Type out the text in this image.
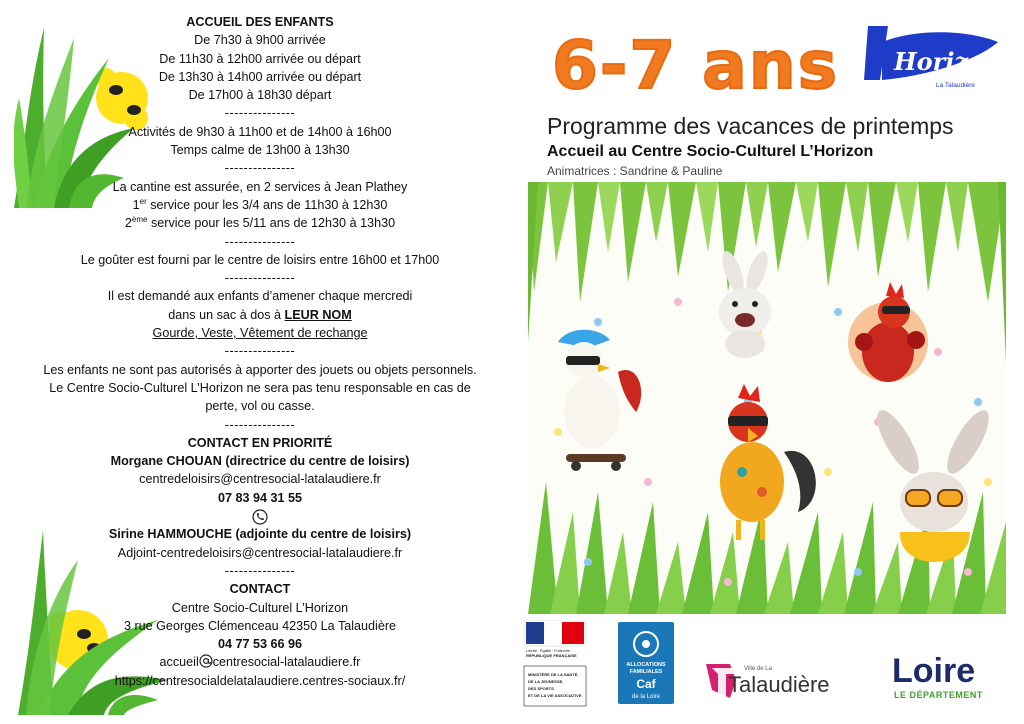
ACCUEIL DES ENFANTS
De 7h30 à 9h00 arrivée
De 11h30 à 12h00 arrivée ou départ
De 13h30 à 14h00 arrivée ou départ
De 17h00 à 18h30 départ
---------------
Activités de 9h30 à 11h00 et de 14h00 à 16h00
Temps calme de 13h00 à 13h30
---------------
La cantine est assurée, en 2 services à Jean Plathey
1er service pour les 3/4 ans de 11h30 à 12h30
2ème service pour les 5/11 ans de 12h30 à 13h30
---------------
Le goûter est fourni par le centre de loisirs entre 16h00 et 17h00
---------------
Il est demandé aux enfants d’amener chaque mercredi
dans un sac à dos à LEUR NOM
Gourde, Veste, Vêtement de rechange
---------------
Les enfants ne sont pas autorisés à apporter des jouets ou objets personnels.
Le Centre Socio-Culturel L’Horizon ne sera pas tenu responsable en cas de
perte, vol ou casse.
---------------
CONTACT EN PRIORITÉ
Morgane CHOUAN (directrice du centre de loisirs)
centredeloisirs@centresocial-latalaudiere.fr
07 83 94 31 55
Sirine HAMMOUCHE (adjointe du centre de loisirs)
Adjoint-centredeloisirs@centresocial-latalaudiere.fr
---------------
CONTACT
Centre Socio-Culturel L’Horizon
3 rue Georges Clémenceau 42350 La Talaudière
04 77 53 66 96
accueil centresocial-latalaudiere.fr
https://centresocialdelatalaudiere.centres-sociaux.fr/
6-7 ans	Centre Socio-Culturel
Horizon
La Talaudière
Programme des vacances de printemps
Accueil au Centre Socio-Culturel L’Horizon
Animatrices : Sandrine & Pauline
Liberté · Égalité · Fraternité
RÉPUBLIQUE FRANÇAISE
MINISTÈRE DE LA SANTÉ,
DE LA JEUNESSE,
DES SPORTS
ET DE LA VIE ASSOCIATIVE
ALLOCATIONS
FAMILIALES
Caf
de la Loire
Ville de La
Talaudière Loire
LE DÉPARTEMENT
